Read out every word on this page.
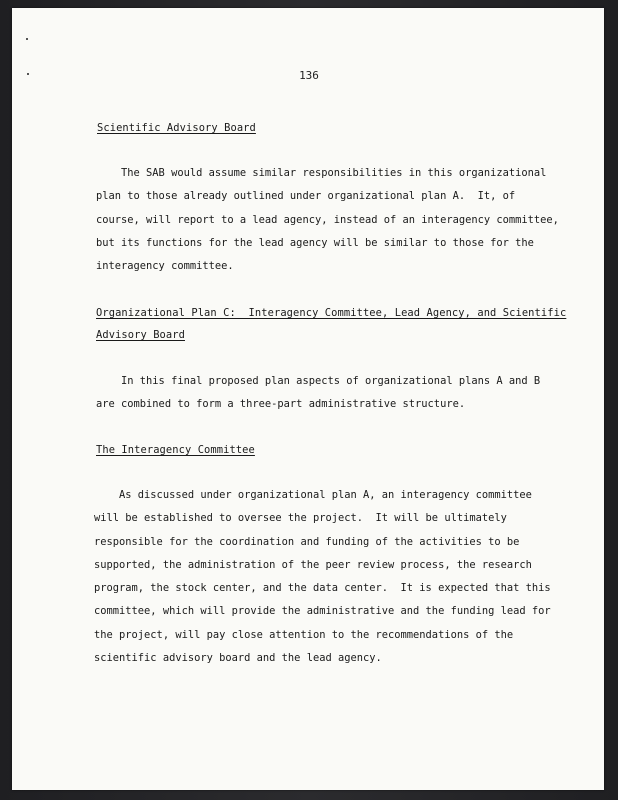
136
Scientific Advisory Board

The SAB would assume similar responsibilities in this organizational

plan to those already outlined under organizational plan A.  It, of

course, will report to a lead agency, instead of an interagency committee,

but its functions for the lead agency will be similar to those for the

interagency committee.

Organizational Plan C:  Interagency Committee, Lead Agency, and Scientific
Advisory Board

In this final proposed plan aspects of organizational plans A and B

are combined to form a three-part administrative structure.

The Interagency Committee

As discussed under organizational plan A, an interagency committee

will be established to oversee the project.  It will be ultimately

responsible for the coordination and funding of the activities to be

supported, the administration of the peer review process, the research

program, the stock center, and the data center.  It is expected that this

committee, which will provide the administrative and the funding lead for

the project, will pay close attention to the recommendations of the

scientific advisory board and the lead agency.
